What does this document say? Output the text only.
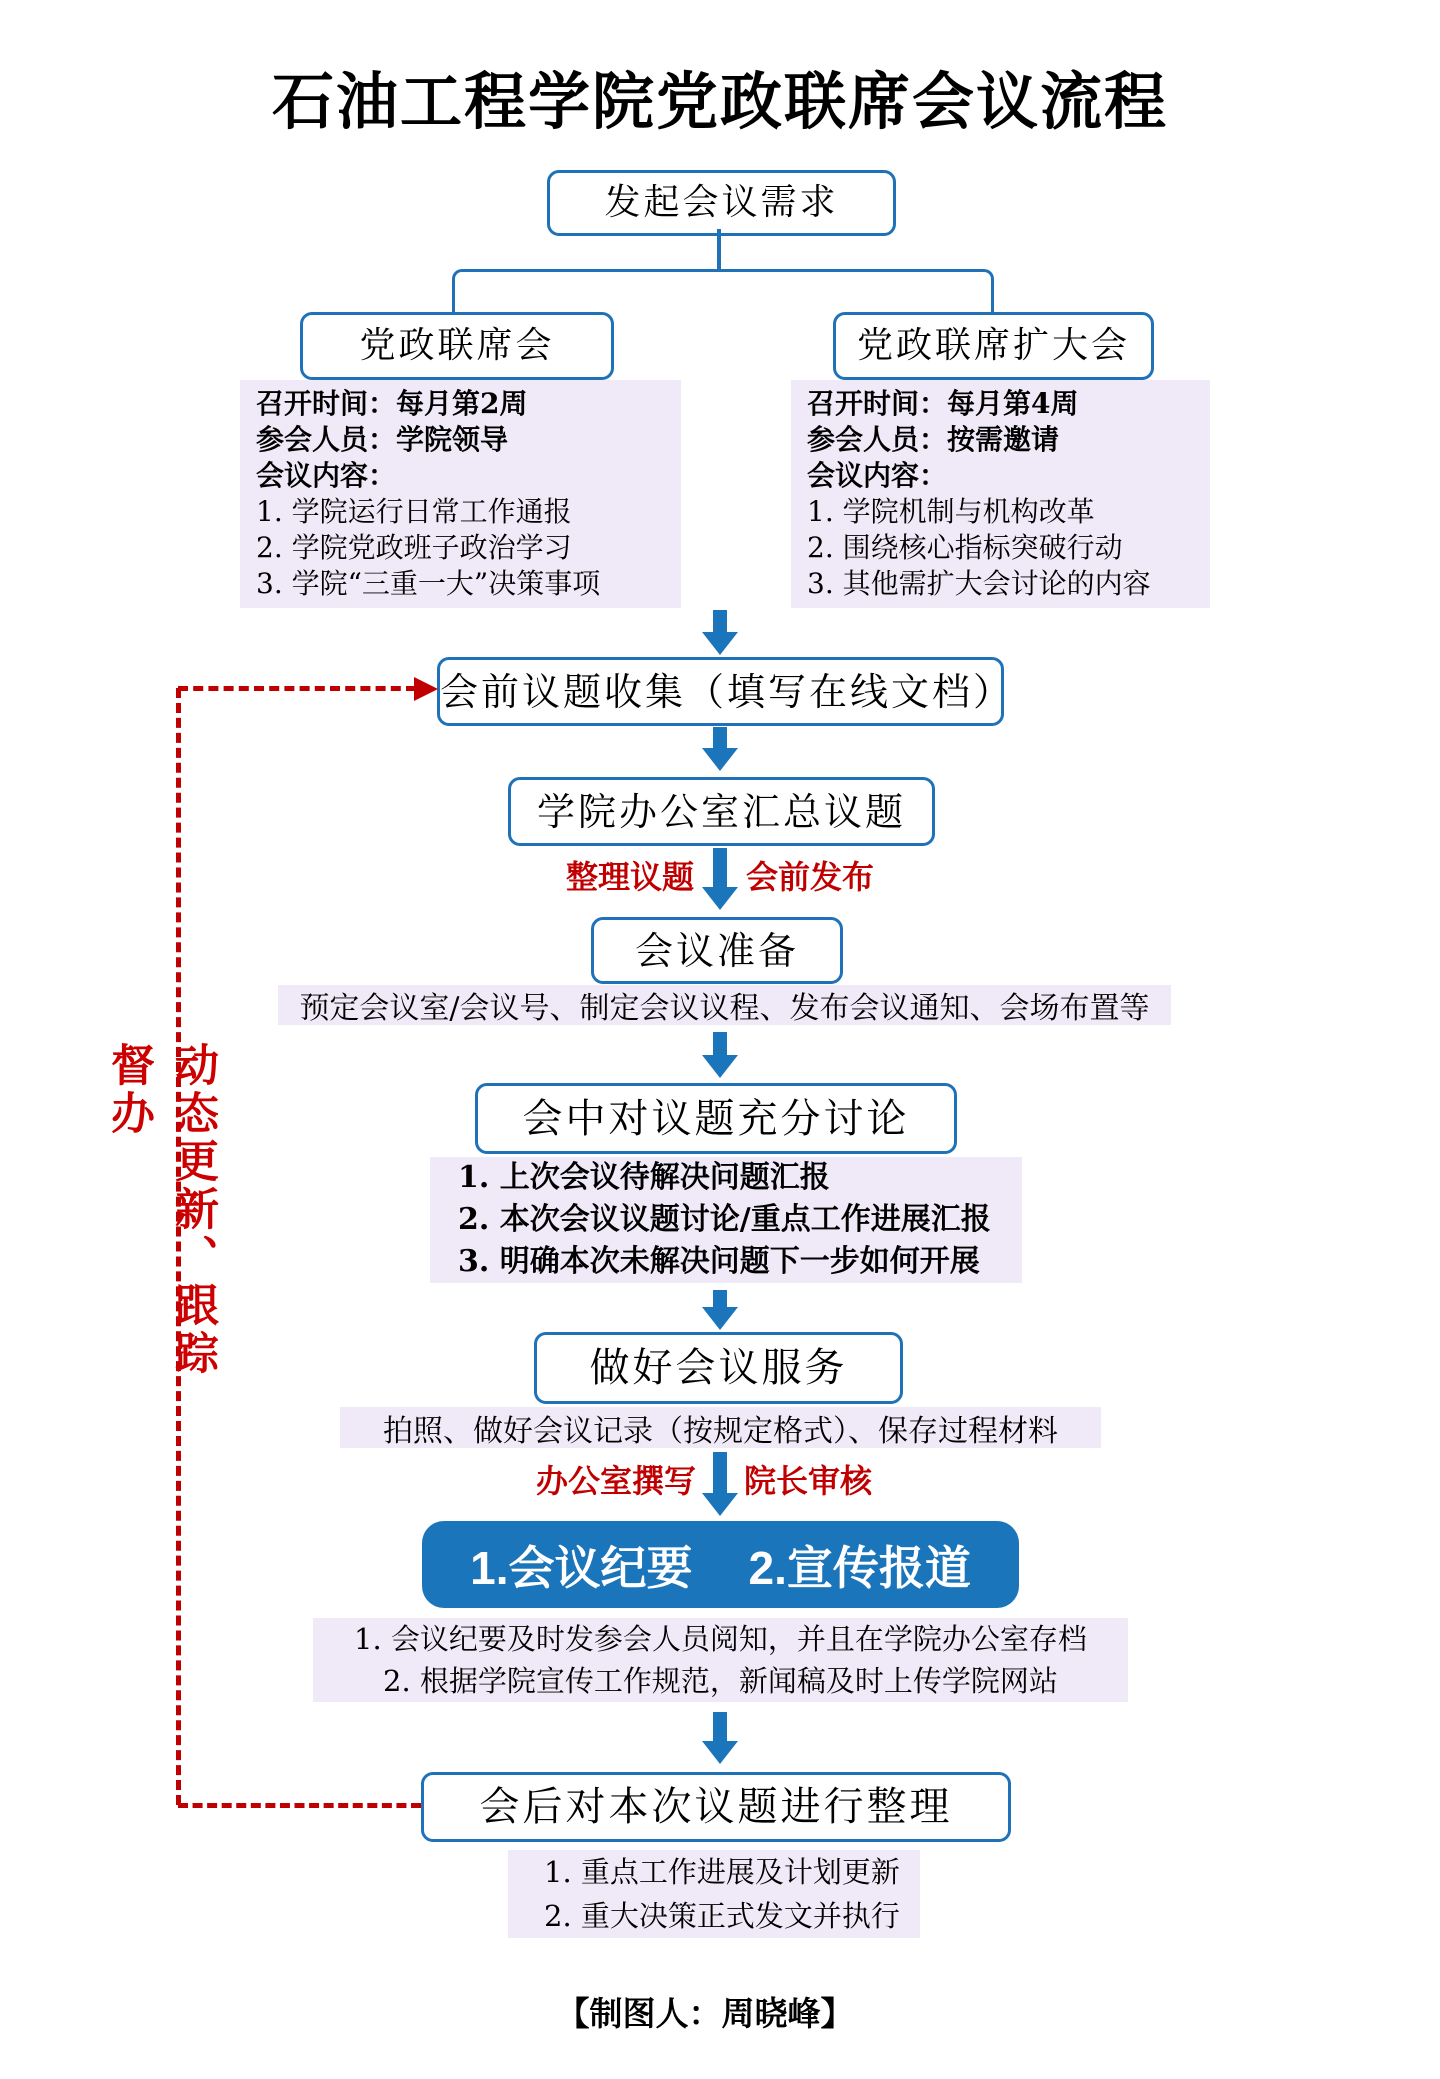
石油工程学院党政联席会议流程
发起会议需求
党政联席会	党政联席扩大会
召开时间：每月第2周
参会人员：学院领导
会议内容：
1. 学院运行日常工作通报
2. 学院党政班子政治学习
3. 学院“三重一大”决策事项
召开时间：每月第4周
参会人员：按需邀请
会议内容：
1. 学院机制与机构改革
2. 围绕核心指标突破行动
3. 其他需扩大会讨论的内容
会前议题收集（填写在线文档）
学院办公室汇总议题
整理议题 会前发布
会议准备
预定会议室/会议号、制定会议议程、发布会议通知、会场布置等
会中对议题充分讨论
1. 上次会议待解决问题汇报
2. 本次会议议题讨论/重点工作进展汇报
3. 明确本次未解决问题下一步如何开展
做好会议服务
拍照、做好会议记录（按规定格式）、保存过程材料
办公室撰写 院长审核
1.会议纪要 2.宣传报道
1. 会议纪要及时发参会人员阅知，并且在学院办公室存档
2. 根据学院宣传工作规范，新闻稿及时上传学院网站
会后对本次议题进行整理
1. 重点工作进展及计划更新
2. 重大决策正式发文并执行
动态更新、跟踪督办
【制图人：周晓峰】
